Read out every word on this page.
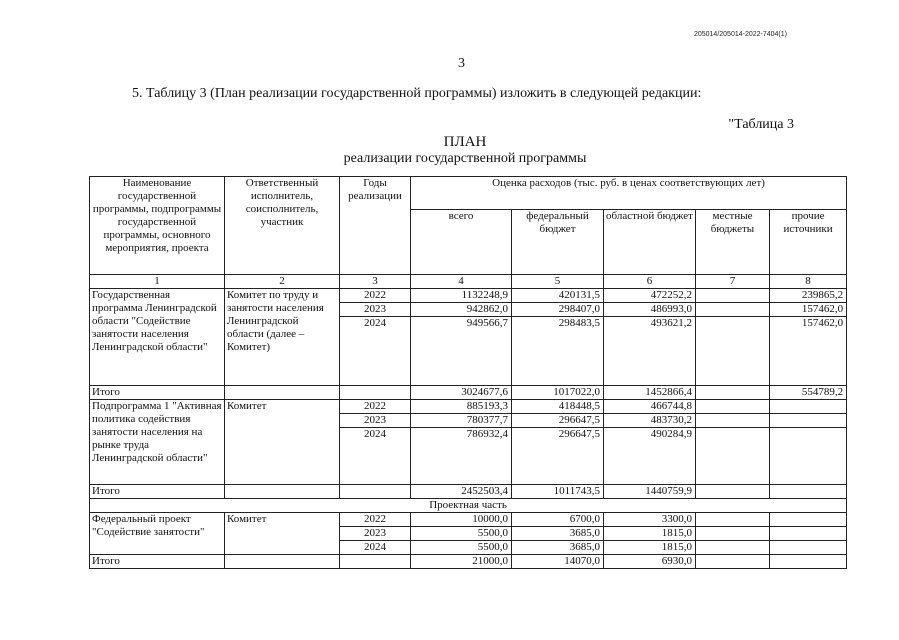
205014/205014-2022-7404(1)
3
5. Таблицу 3 (План реализации государственной программы) изложить в следующей редакции:
"Таблица 3
ПЛАН
реализации государственной программы
Наименование государственной программы, подпрограммы государственной программы, основного мероприятия, проекта	Ответственный исполнитель, соисполнитель, участник	Годы реализации	Оценка расходов (тыс. руб. в ценах соответствующих лет)				
			всего	федеральный бюджет	областной бюджет	местные бюджеты	прочие источники
1	2	3	4	5	6	7	8
Государственная программа Ленинградской области "Содействие занятости населения Ленинградской области"	Комитет по труду и занятости населения Ленинградской области (далее – Комитет)	2022	1132248,9	420131,5	472252,2		239865,2
		2023	942862,0	298407,0	486993,0		157462,0
		2024	949566,7	298483,5	493621,2		157462,0
Итого			3024677,6	1017022,0	1452866,4		554789,2
Подпрограмма 1 "Активная политика содействия занятости населения на рынке труда Ленинградской области"	Комитет	2022	885193,3	418448,5	466744,8		
		2023	780377,7	296647,5	483730,2		
		2024	786932,4	296647,5	490284,9		
Итого			2452503,4	1011743,5	1440759,9		
Проектная часть							
Федеральный проект "Содействие занятости"	Комитет	2022	10000,0	6700,0	3300,0		
		2023	5500,0	3685,0	1815,0		
		2024	5500,0	3685,0	1815,0		
Итого			21000,0	14070,0	6930,0		
